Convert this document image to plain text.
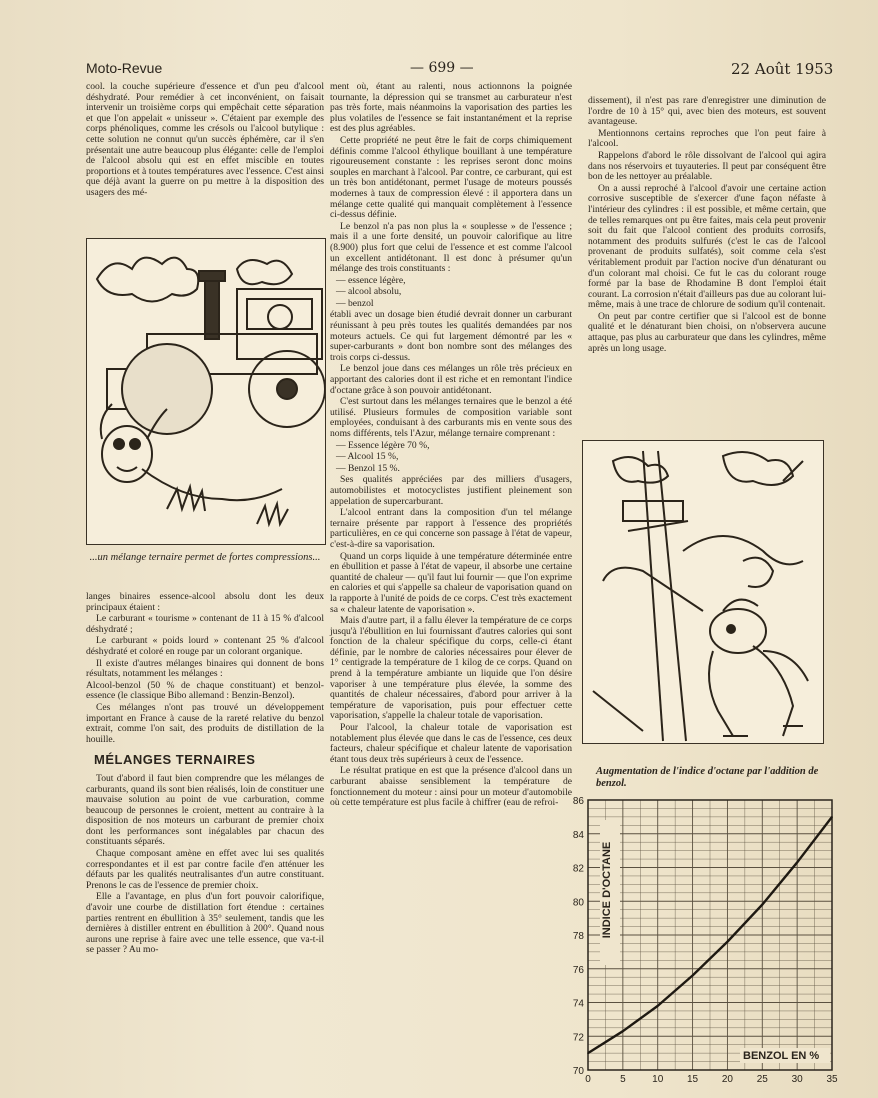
Moto-Revue	— 699 —	22 Août 1953

cool. la couche supérieure d'essence et d'un peu d'alcool déshydraté. Pour remédier à cet inconvénient, on faisait intervenir un troisième corps qui empêchait cette séparation et que l'on appelait « unisseur ». C'étaient par exemple des corps phénoliques, comme les crésols ou l'alcool butylique : cette solution ne connut qu'un succès éphémère, car il s'en présentait une autre beaucoup plus élégante: celle de l'emploi de l'alcool absolu qui est en effet miscible en toutes proportions et à toutes températures avec l'essence. C'est ainsi que déjà avant la guerre on pu mettre à la disposition des usagers des mé-

...un mélange ternaire permet de fortes compressions...

langes binaires essence-alcool absolu dont les deux principaux étaient :

Le carburant « tourisme » contenant de 11 à 15 % d'alcool déshydraté ;

Le carburant « poids lourd » contenant 25 % d'alcool déshydraté et coloré en rouge par un colorant organique.

Il existe d'autres mélanges binaires qui donnent de bons résultats, notamment les mélanges :

Alcool-benzol (50 % de chaque constituant) et benzol-essence (le classique Bibo allemand : Benzin-Benzol).

Ces mélanges n'ont pas trouvé un développement important en France à cause de la rareté relative du benzol extrait, comme l'on sait, des produits de distillation de la houille.

MÉLANGES TERNAIRES

Tout d'abord il faut bien comprendre que les mélanges de carburants, quand ils sont bien réalisés, loin de constituer une mauvaise solution au point de vue carburation, comme beaucoup de personnes le croient, mettent au contraire à la disposition de nos moteurs un carburant de premier choix dont les performances sont inégalables par chacun des constituants séparés.

Chaque composant amène en effet avec lui ses qualités correspondantes et il est par contre facile d'en atténuer les défauts par les qualités neutralisantes d'un autre constituant. Prenons le cas de l'essence de premier choix.

Elle a l'avantage, en plus d'un fort pouvoir calorifique, d'avoir une courbe de distillation fort étendue : certaines parties rentrent en ébullition à 35° seulement, tandis que les dernières à distiller entrent en ébullition à 200°. Quand nous aurons une reprise à faire avec une telle essence, que va-t-il se passer ? Au mo-

ment où, étant au ralenti, nous actionnons la poignée tournante, la dépression qui se transmet au carburateur n'est pas très forte, mais néanmoins la vaporisation des parties les plus volatiles de l'essence se fait instantanément et la reprise est des plus agréables.

Cette propriété ne peut être le fait de corps chimiquement définis comme l'alcool éthylique bouillant à une température rigoureusement constante : les reprises seront donc moins souples en marchant à l'alcool. Par contre, ce carburant, qui est un très bon antidétonant, permet l'usage de moteurs poussés modernes à taux de compression élevé : il apportera dans un mélange cette qualité qui manquait complètement à l'essence ci-dessus définie.

Le benzol n'a pas non plus la « souplesse » de l'essence ; mais il a une forte densité, un pouvoir calorifique au litre (8.900) plus fort que celui de l'essence et est comme l'alcool un excellent antidétonant. Il est donc à présumer qu'un mélange des trois constituants :

— essence légère,

— alcool absolu,

— benzol

établi avec un dosage bien étudié devrait donner un carburant réunissant à peu près toutes les qualités demandées par nos moteurs actuels. Ce qui fut largement démontré par les « super-carburants » dont bon nombre sont des mélanges des trois corps ci-dessus.

Le benzol joue dans ces mélanges un rôle très précieux en apportant des calories dont il est riche et en remontant l'indice d'octane grâce à son pouvoir antidétonant.

C'est surtout dans les mélanges ternaires que le benzol a été utilisé. Plusieurs formules de composition variable sont employées, conduisant à des carburants mis en vente sous des noms différents, tels l'Azur, mélange ternaire comprenant :

— Essence légère 70 %,

— Alcool 15 %,

— Benzol 15 %.

Ses qualités appréciées par des milliers d'usagers, automobilistes et motocyclistes justifient pleinement son appelation de supercarburant.

L'alcool entrant dans la composition d'un tel mélange ternaire présente par rapport à l'essence des propriétés particulières, en ce qui concerne son passage à l'état de vapeur, c'est-à-dire sa vaporisation.

Quand un corps liquide à une température déterminée entre en ébullition et passe à l'état de vapeur, il absorbe une certaine quantité de chaleur — qu'il faut lui fournir — que l'on exprime en calories et qui s'appelle sa chaleur de vaporisation quand on la rapporte à l'unité de poids de ce corps. C'est très exactement sa « chaleur latente de vaporisation ».

Mais d'autre part, il a fallu élever la température de ce corps jusqu'à l'ébullition en lui fournissant d'autres calories qui sont fonction de la chaleur spécifique du corps, celle-ci étant définie, par le nombre de calories nécessaires pour élever de 1° centigrade la température de 1 kilog de ce corps. Quand on prend à la température ambiante un liquide que l'on désire vaporiser à une température plus élevée, la somme des quantités de chaleur nécessaires, d'abord pour arriver à la température de vaporisation, puis pour effectuer cette vaporisation, s'appelle la chaleur totale de vaporisation.

Pour l'alcool, la chaleur totale de vaporisation est notablement plus élevée que dans le cas de l'essence, ces deux facteurs, chaleur spécifique et chaleur latente de vaporisation étant tous deux très supérieurs à ceux de l'essence.

Le résultat pratique en est que la présence d'alcool dans un carburant abaisse sensiblement la température de fonctionnement du moteur : ainsi pour un moteur d'automobile où cette température est plus facile à chiffrer (eau de refroi-

dissement), il n'est pas rare d'enregistrer une diminution de l'ordre de 10 à 15° qui, avec bien des moteurs, est souvent avantageuse.

Mentionnons certains reproches que l'on peut faire à l'alcool.

Rappelons d'abord le rôle dissolvant de l'alcool qui agira dans nos réservoirs et tuyauteries. Il peut par conséquent être bon de les nettoyer au préalable.

On a aussi reproché à l'alcool d'avoir une certaine action corrosive susceptible de s'exercer d'une façon néfaste à l'intérieur des cylindres : il est possible, et même certain, que de telles remarques ont pu être faites, mais cela peut provenir soit du fait que l'alcool contient des produits corrosifs, notamment des produits sulfurés (c'est le cas de l'alcool provenant de produits sulfatés), soit comme cela s'est véritablement produit par l'action nocive d'un dénaturant ou d'un colorant mal choisi. Ce fut le cas du colorant rouge formé par la base de Rhodamine B dont l'emploi était courant. La corrosion n'était d'ailleurs pas due au colorant lui-même, mais à une trace de chlorure de sodium qu'il contenait.

On peut par contre certifier que si l'alcool est de bonne qualité et le dénaturant bien choisi, on n'observera aucune attaque, pas plus au carburateur que dans les cylindres, même après un long usage.

Augmentation de l'indice d'octane par l'addition de benzol.
70
72
74
76
78
80
82
84
86
0	5	10 15 20 25 30 35
INDICE D'OCTANE
BENZOL EN %
